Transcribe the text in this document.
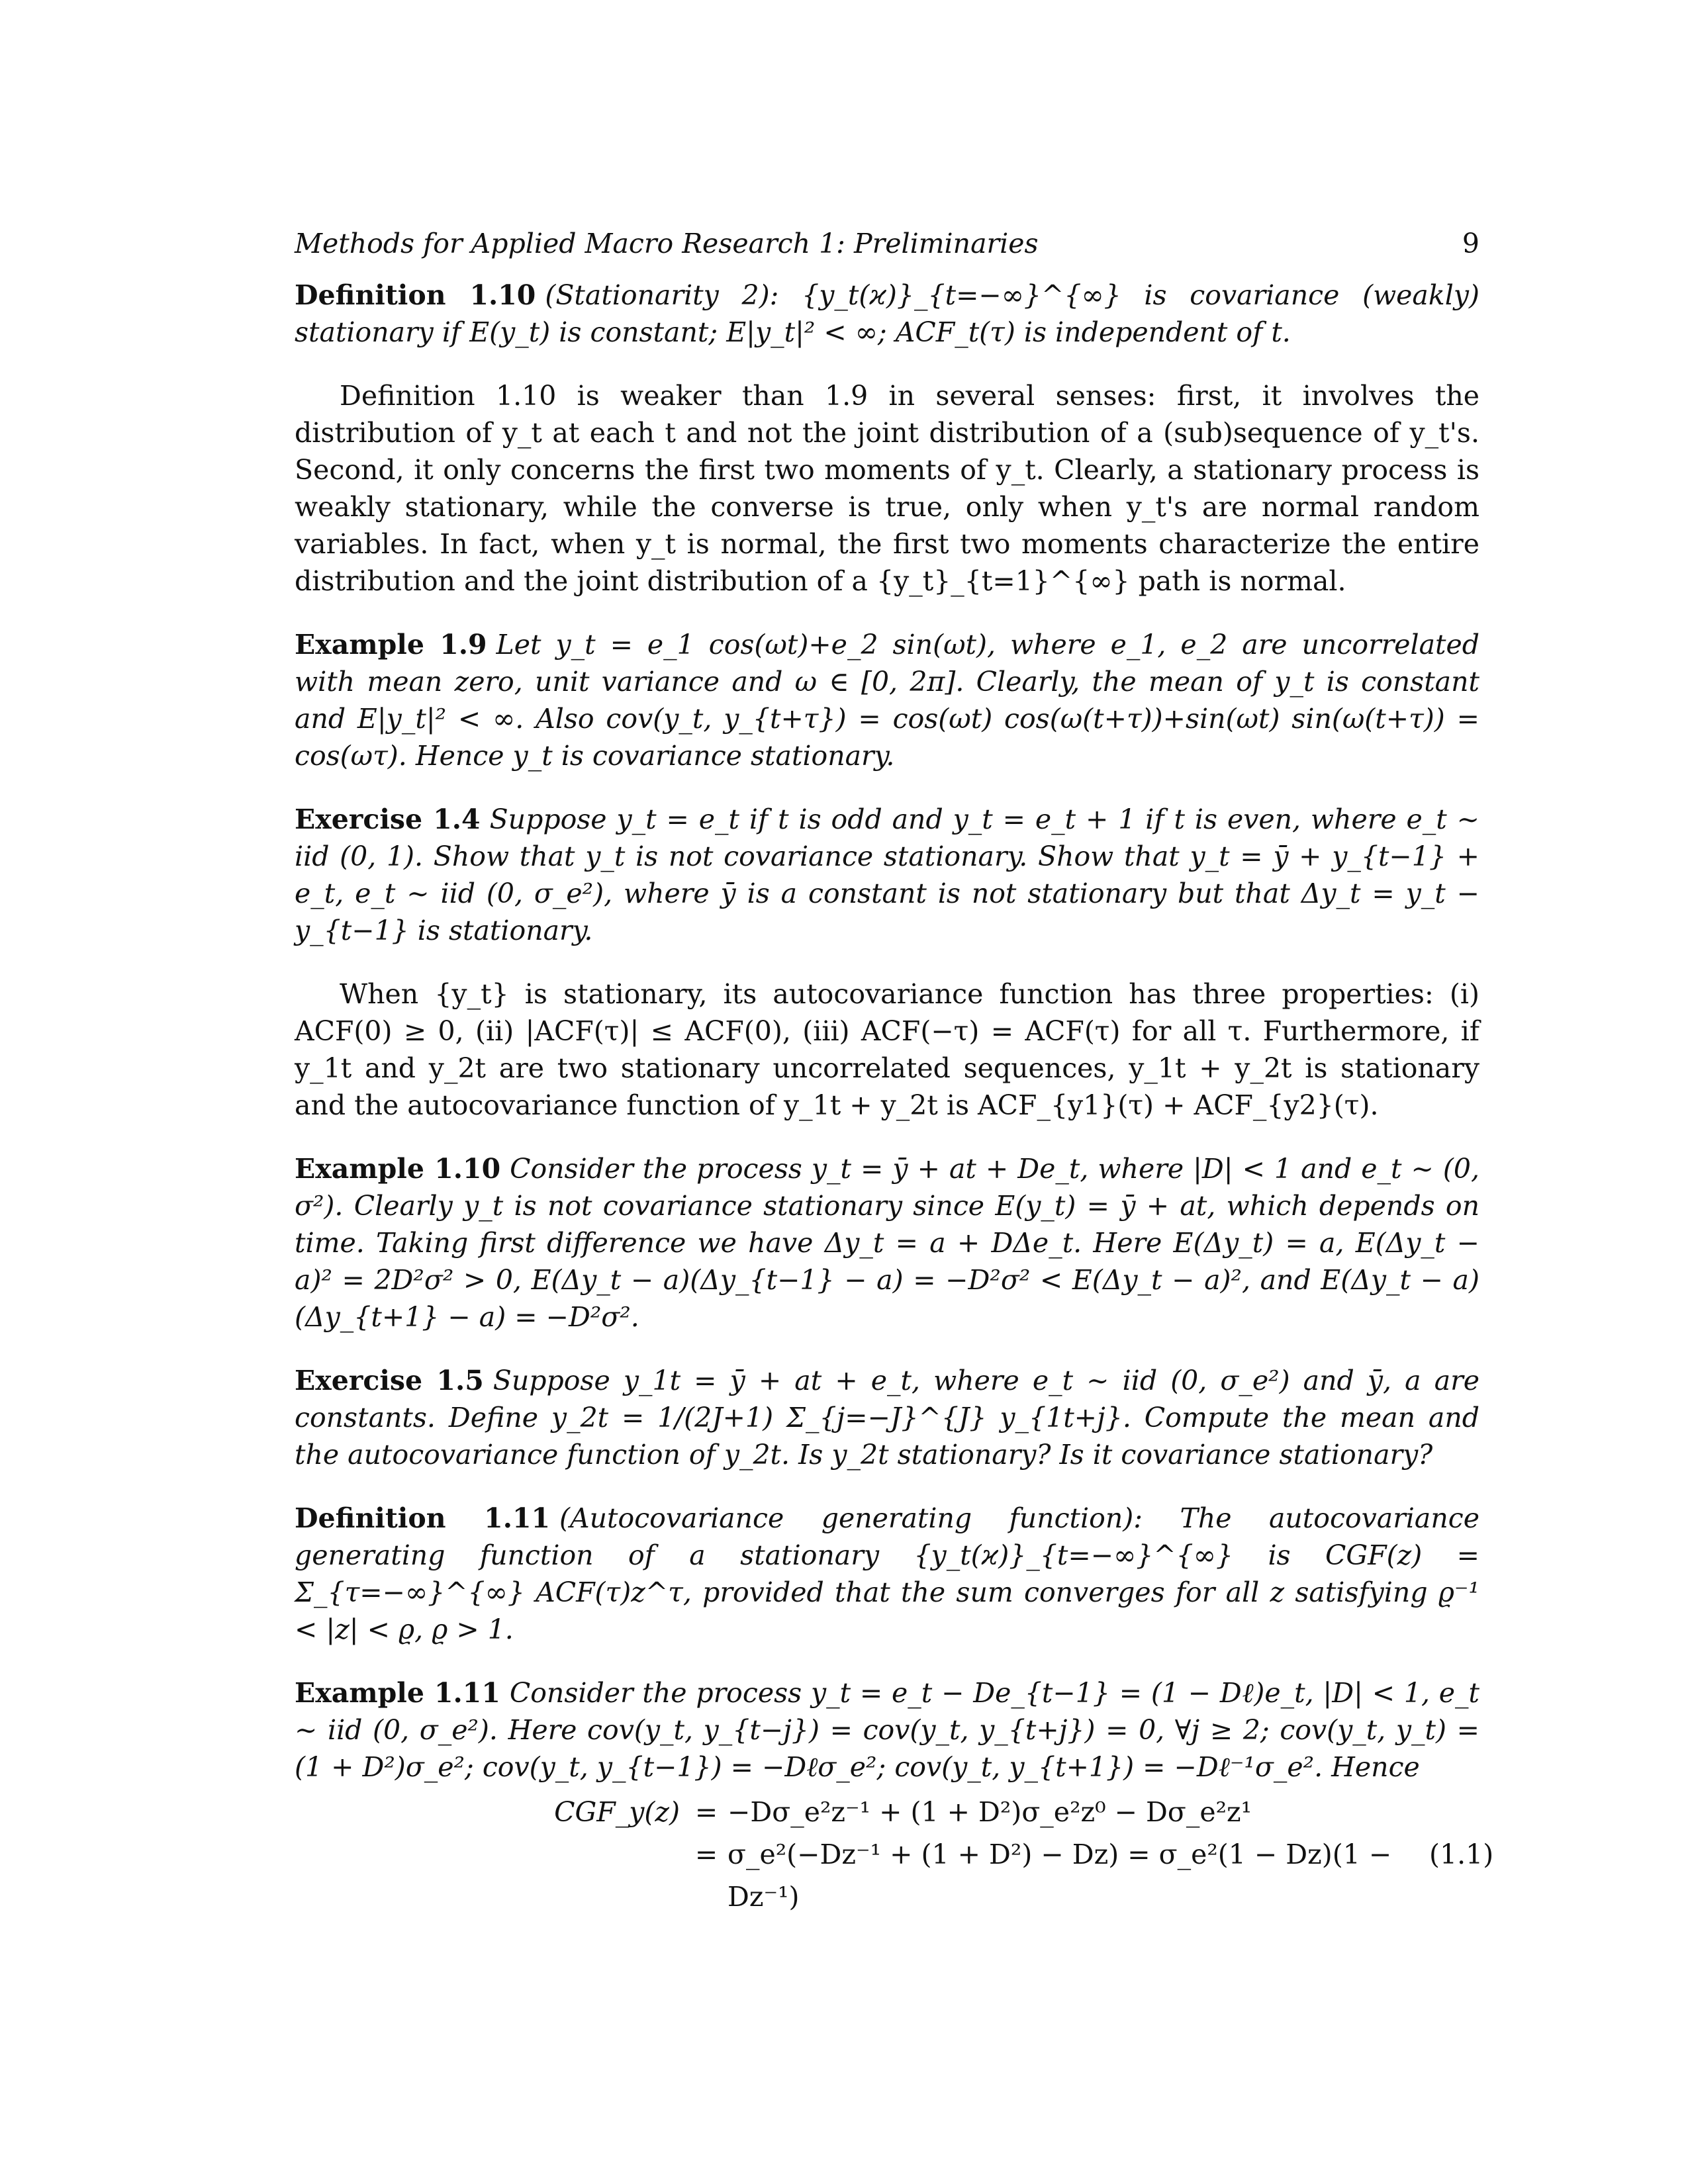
Methods for Applied Macro Research 1: Preliminaries	9
Definition 1.10 (Stationarity 2): {y_t(ϰ)}_{t=−∞}^{∞} is covariance (weakly) stationary if E(y_t) is constant; E|y_t|² < ∞; ACF_t(τ) is independent of t.
Definition 1.10 is weaker than 1.9 in several senses: first, it involves the distribution of y_t at each t and not the joint distribution of a (sub)sequence of y_t's. Second, it only concerns the first two moments of y_t. Clearly, a stationary process is weakly stationary, while the converse is true, only when y_t's are normal random variables. In fact, when y_t is normal, the first two moments characterize the entire distribution and the joint distribution of a {y_t}_{t=1}^{∞} path is normal.
Example 1.9 Let y_t = e_1 cos(ωt)+e_2 sin(ωt), where e_1, e_2 are uncorrelated with mean zero, unit variance and ω ∈ [0, 2π]. Clearly, the mean of y_t is constant and E|y_t|² < ∞. Also cov(y_t, y_{t+τ}) = cos(ωt) cos(ω(t+τ))+sin(ωt) sin(ω(t+τ)) = cos(ωτ). Hence y_t is covariance stationary.
Exercise 1.4 Suppose y_t = e_t if t is odd and y_t = e_t + 1 if t is even, where e_t ∼ iid (0, 1). Show that y_t is not covariance stationary. Show that y_t = ȳ + y_{t−1} + e_t, e_t ∼ iid (0, σ_e²), where ȳ is a constant is not stationary but that Δy_t = y_t − y_{t−1} is stationary.
When {y_t} is stationary, its autocovariance function has three properties: (i) ACF(0) ≥ 0, (ii) |ACF(τ)| ≤ ACF(0), (iii) ACF(−τ) = ACF(τ) for all τ. Furthermore, if y_1t and y_2t are two stationary uncorrelated sequences, y_1t + y_2t is stationary and the autocovariance function of y_1t + y_2t is ACF_{y1}(τ) + ACF_{y2}(τ).
Example 1.10 Consider the process y_t = ȳ + at + De_t, where |D| < 1 and e_t ∼ (0, σ²). Clearly y_t is not covariance stationary since E(y_t) = ȳ + at, which depends on time. Taking first difference we have Δy_t = a + DΔe_t. Here E(Δy_t) = a, E(Δy_t − a)² = 2D²σ² > 0, E(Δy_t − a)(Δy_{t−1} − a) = −D²σ² < E(Δy_t − a)², and E(Δy_t − a)(Δy_{t+1} − a) = −D²σ².
Exercise 1.5 Suppose y_1t = ȳ + at + e_t, where e_t ∼ iid (0, σ_e²) and ȳ, a are constants. Define y_2t = 1/(2J+1) Σ_{j=−J}^{J} y_{1t+j}. Compute the mean and the autocovariance function of y_2t. Is y_2t stationary? Is it covariance stationary?
Definition 1.11 (Autocovariance generating function): The autocovariance generating function of a stationary {y_t(ϰ)}_{t=−∞}^{∞} is CGF(z) = Σ_{τ=−∞}^{∞} ACF(τ)z^τ, provided that the sum converges for all z satisfying ϱ⁻¹ < |z| < ϱ, ϱ > 1.
Example 1.11 Consider the process y_t = e_t − De_{t−1} = (1 − Dℓ)e_t, |D| < 1, e_t ∼ iid (0, σ_e²). Here cov(y_t, y_{t−j}) = cov(y_t, y_{t+j}) = 0, ∀j ≥ 2; cov(y_t, y_t) = (1 + D²)σ_e²; cov(y_t, y_{t−1}) = −Dℓσ_e²; cov(y_t, y_{t+1}) = −Dℓ⁻¹σ_e². Hence
CGF_y(z) = −Dσ_e²z⁻¹ + (1 + D²)σ_e²z⁰ − Dσ_e²z¹
= σ_e²(−Dz⁻¹ + (1 + D²) − Dz) = σ_e²(1 − Dz)(1 − Dz⁻¹)
(1.1)
